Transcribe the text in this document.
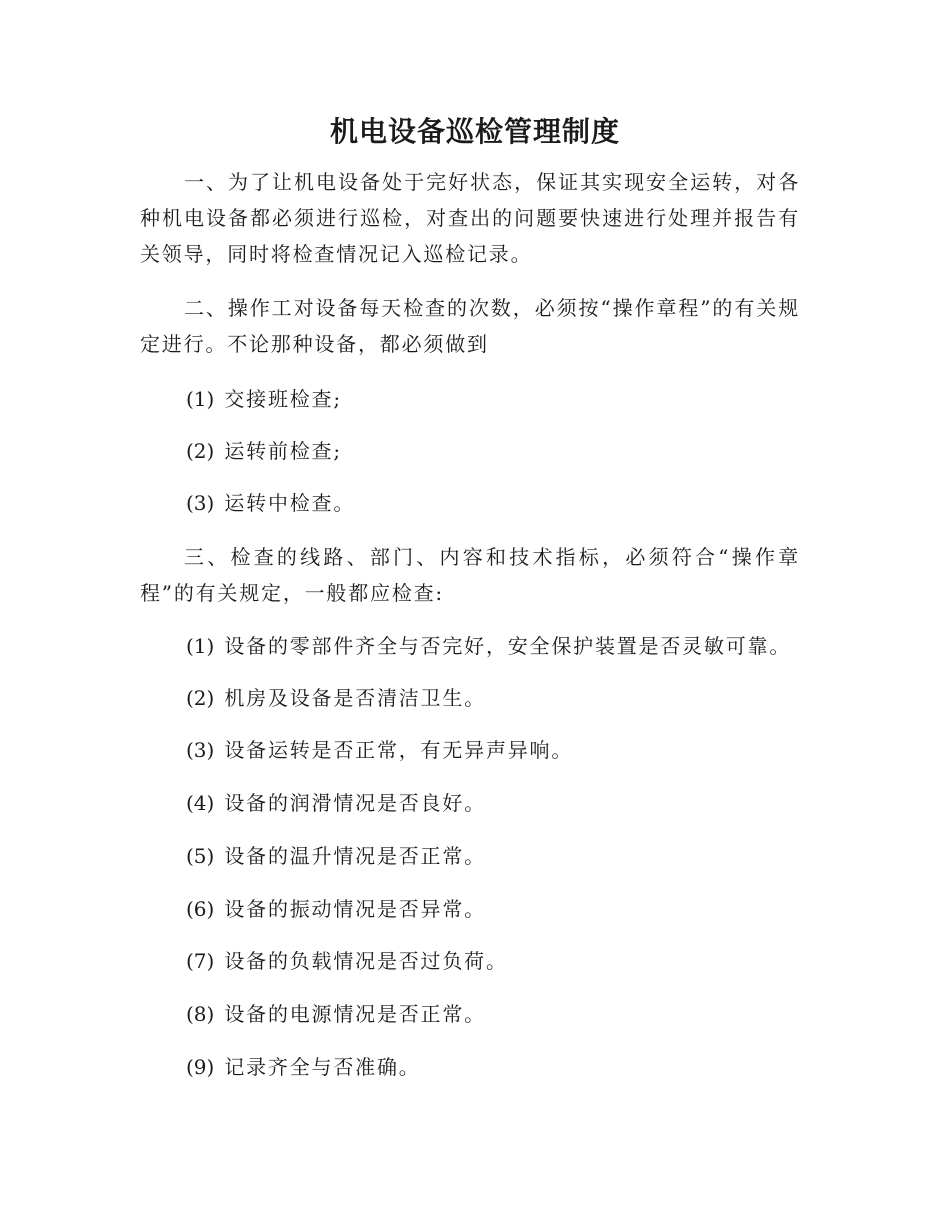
机电设备巡检管理制度

一、为了让机电设备处于完好状态，保证其实现安全运转，对各种机电设备都必须进行巡检，对查出的问题要快速进行处理并报告有关领导，同时将检查情况记入巡检记录。

二、操作工对设备每天检查的次数，必须按“操作章程”的有关规定进行。不论那种设备，都必须做到

(1) 交接班检查;

(2) 运转前检查;

(3) 运转中检查。

三、检查的线路、部门、内容和技术指标，必须符合“操作章程”的有关规定，一般都应检查:

(1) 设备的零部件齐全与否完好，安全保护装置是否灵敏可靠。

(2) 机房及设备是否清洁卫生。

(3) 设备运转是否正常，有无异声异响。

(4) 设备的润滑情况是否良好。

(5) 设备的温升情况是否正常。

(6) 设备的振动情况是否异常。

(7) 设备的负载情况是否过负荷。

(8) 设备的电源情况是否正常。

(9) 记录齐全与否准确。
